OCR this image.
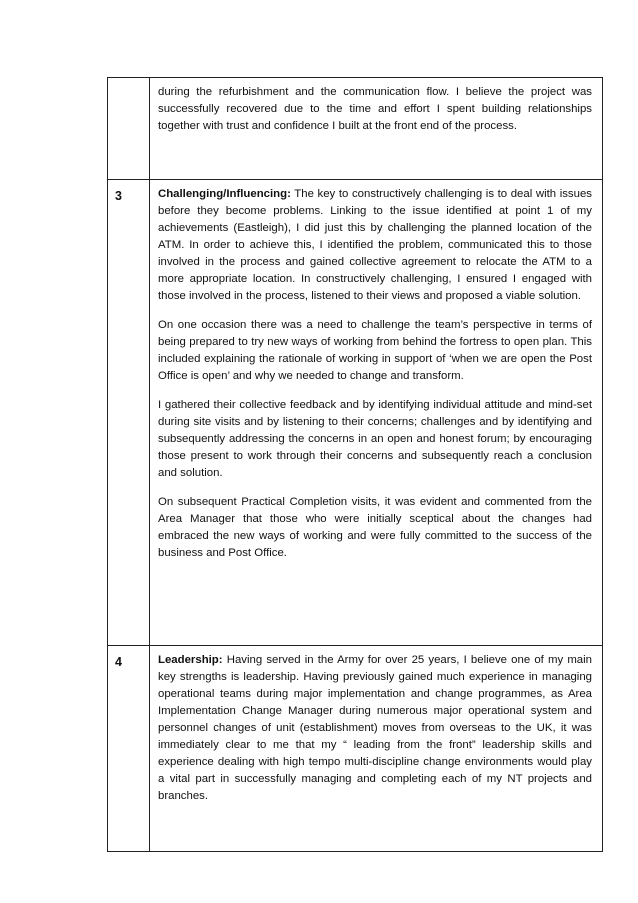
	during the refurbishment and the communication flow. I believe the project was successfully recovered due to the time and effort I spent building relationships together with trust and confidence I built at the front end of the process.

3	Challenging/Influencing: The key to constructively challenging is to deal with issues before they become problems. Linking to the issue identified at point 1 of my achievements (Eastleigh), I did just this by challenging the planned location of the ATM. In order to achieve this, I identified the problem, communicated this to those involved in the process and gained collective agreement to relocate the ATM to a more appropriate location. In constructively challenging, I ensured I engaged with those involved in the process, listened to their views and proposed a viable solution.

On one occasion there was a need to challenge the team’s perspective in terms of being prepared to try new ways of working from behind the fortress to open plan. This included explaining the rationale of working in support of ‘when we are open the Post Office is open’ and why we needed to change and transform.

I gathered their collective feedback and by identifying individual attitude and mind-set during site visits and by listening to their concerns; challenges and by identifying and subsequently addressing the concerns in an open and honest forum; by encouraging those present to work through their concerns and subsequently reach a conclusion and solution.

On subsequent Practical Completion visits, it was evident and commented from the Area Manager that those who were initially sceptical about the changes had embraced the new ways of working and were fully committed to the success of the business and Post Office.

4	Leadership: Having served in the Army for over 25 years, I believe one of my main key strengths is leadership. Having previously gained much experience in managing operational teams during major implementation and change programmes, as Area Implementation Change Manager during numerous major operational system and personnel changes of unit (establishment) moves from overseas to the UK, it was immediately clear to me that my “ leading from the front” leadership skills and experience dealing with high tempo multi-discipline change environments would play a vital part in successfully managing and completing each of my NT projects and branches.
